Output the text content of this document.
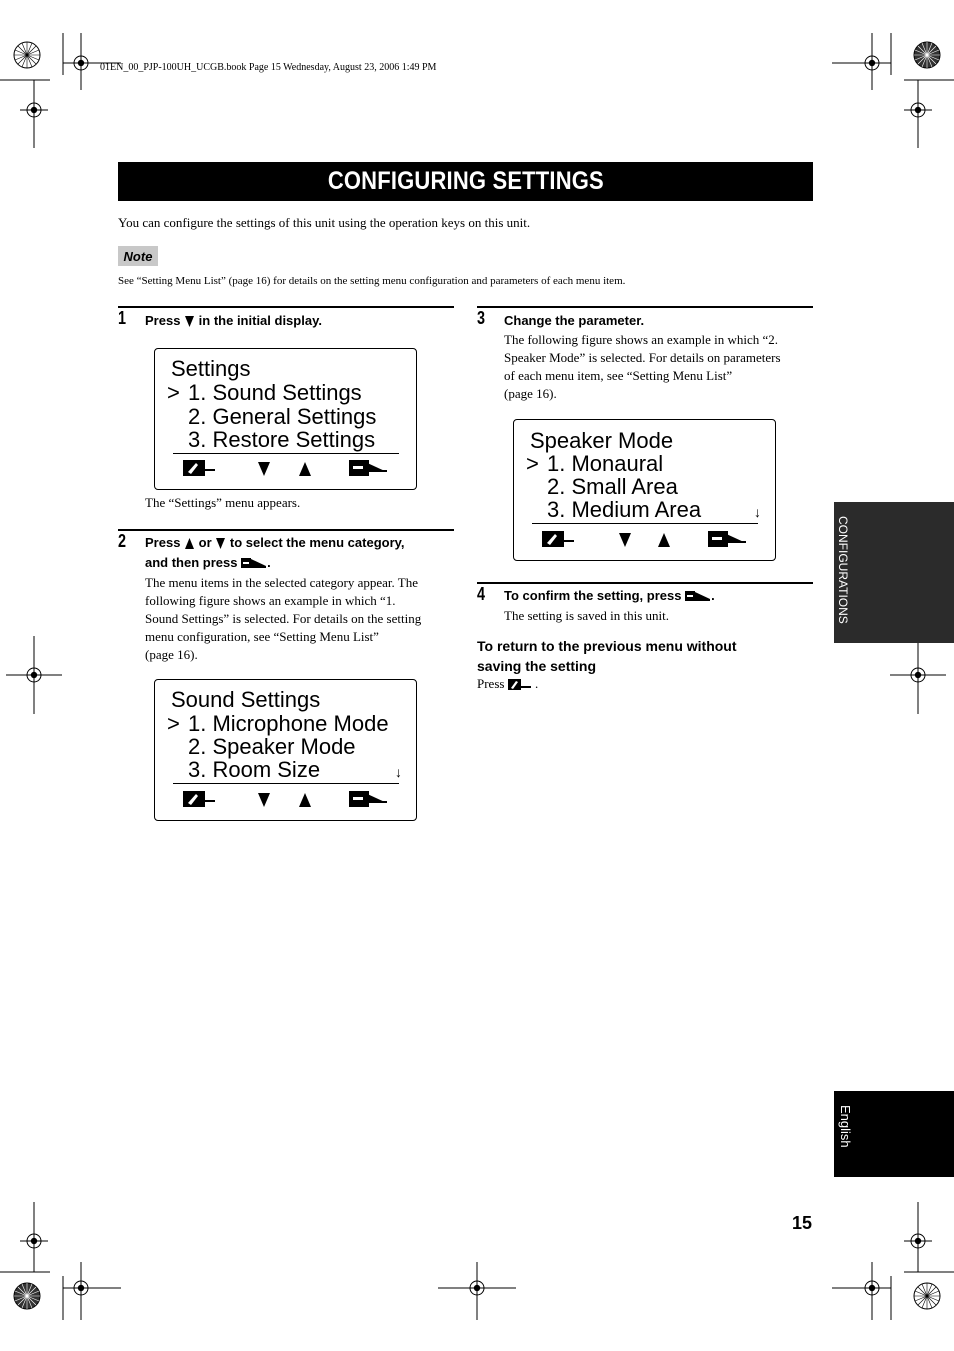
01EN_00_PJP-100UH_UCGB.book Page 15 Wednesday, August 23, 2006 1:49 PM
CONFIGURING SETTINGS
You can configure the settings of this unit using the operation keys on this unit.
Note
See “Setting Menu List” (page 16) for details on the setting menu configuration and parameters of each menu item.
1 Press in the initial display.
Settings
> 1. Sound Settings
2. General Settings
3. Restore Settings
The “Settings” menu appears.
2 Press or to select the menu category,
and then press .
The menu items in the selected category appear. The
following figure shows an example in which “1.
Sound Settings” is selected. For details on the setting
menu configuration, see “Setting Menu List”
(page 16).
Sound Settings
> 1. Microphone Mode
2. Speaker Mode
3. Room Size	↓
3 Change the parameter.
The following figure shows an example in which “2.
Speaker Mode” is selected. For details on parameters
of each menu item, see “Setting Menu List”
(page 16).
Speaker Mode
> 1. Monaural
2. Small Area
3. Medium Area	↓
4 To confirm the setting, press .
The setting is saved in this unit.
To return to the previous menu without
saving the setting
Press .
CONFIGURATIONS
English
15
